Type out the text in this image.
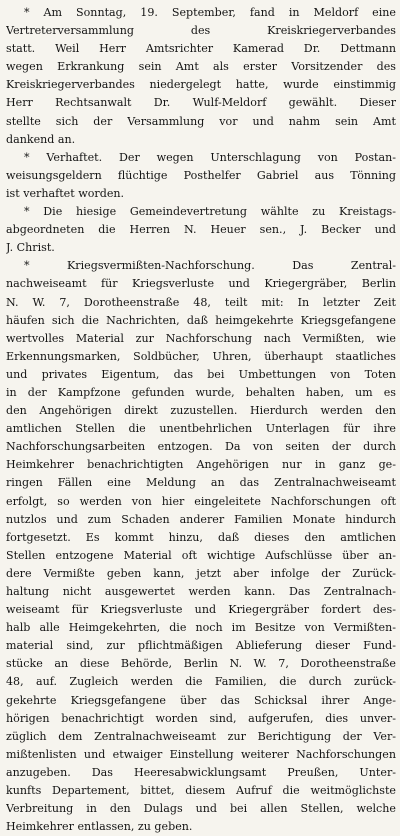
* Am Sonntag, 19. September, fand in Meldorf eine
Vertreterversammlung des Kreiskriegerverbandes
statt. Weil Herr Amtsrichter Kamerad Dr. Dettmann
wegen Erkrankung sein Amt als erster Vorsitzender des
Kreiskriegerverbandes niedergelegt hatte, wurde einstimmig
Herr Rechtsanwalt Dr. Wulf-Meldorf gewählt. Dieser
stellte sich der Versammlung vor und nahm sein Amt
dankend an.
* Verhaftet. Der wegen Unterschlagung von Postan-
weisungsgeldern flüchtige Posthelfer Gabriel aus Tönning
ist verhaftet worden.
* Die hiesige Gemeindevertretung wählte zu Kreistags-
abgeordneten die Herren N. Heuer sen., J. Becker und
J. Christ.
* Kriegsvermißten-Nachforschung. Das Zentral-
nachweiseamt für Kriegsverluste und Kriegergräber, Berlin
N. W. 7, Dorotheenstraße 48, teilt mit: In letzter Zeit
häufen sich die Nachrichten, daß heimgekehrte Kriegsgefangene
wertvolles Material zur Nachforschung nach Vermißten, wie
Erkennungsmarken, Soldbücher, Uhren, überhaupt staatliches
und privates Eigentum, das bei Umbettungen von Toten
in der Kampfzone gefunden wurde, behalten haben, um es
den Angehörigen direkt zuzustellen. Hierdurch werden den
amtlichen Stellen die unentbehrlichen Unterlagen für ihre
Nachforschungsarbeiten entzogen. Da von seiten der durch
Heimkehrer benachrichtigten Angehörigen nur in ganz ge-
ringen Fällen eine Meldung an das Zentralnachweiseamt
erfolgt, so werden von hier eingeleitete Nachforschungen oft
nutzlos und zum Schaden anderer Familien Monate hindurch
fortgesetzt. Es kommt hinzu, daß dieses den amtlichen
Stellen entzogene Material oft wichtige Aufschlüsse über an-
dere Vermißte geben kann, jetzt aber infolge der Zurück-
haltung nicht ausgewertet werden kann. Das Zentralnach-
weiseamt für Kriegsverluste und Kriegergräber fordert des-
halb alle Heimgekehrten, die noch im Besitze von Vermißten-
material sind, zur pflichtmäßigen Ablieferung dieser Fund-
stücke an diese Behörde, Berlin N. W. 7, Dorotheenstraße
48, auf. Zugleich werden die Familien, die durch zurück-
gekehrte Kriegsgefangene über das Schicksal ihrer Ange-
hörigen benachrichtigt worden sind, aufgerufen, dies unver-
züglich dem Zentralnachweiseamt zur Berichtigung der Ver-
mißtenlisten und etwaiger Einstellung weiterer Nachforschungen
anzugeben. Das Heeresabwicklungsamt Preußen, Unter-
kunfts Departement, bittet, diesem Aufruf die weitmöglichste
Verbreitung in den Dulags und bei allen Stellen, welche
Heimkehrer entlassen, zu geben.
